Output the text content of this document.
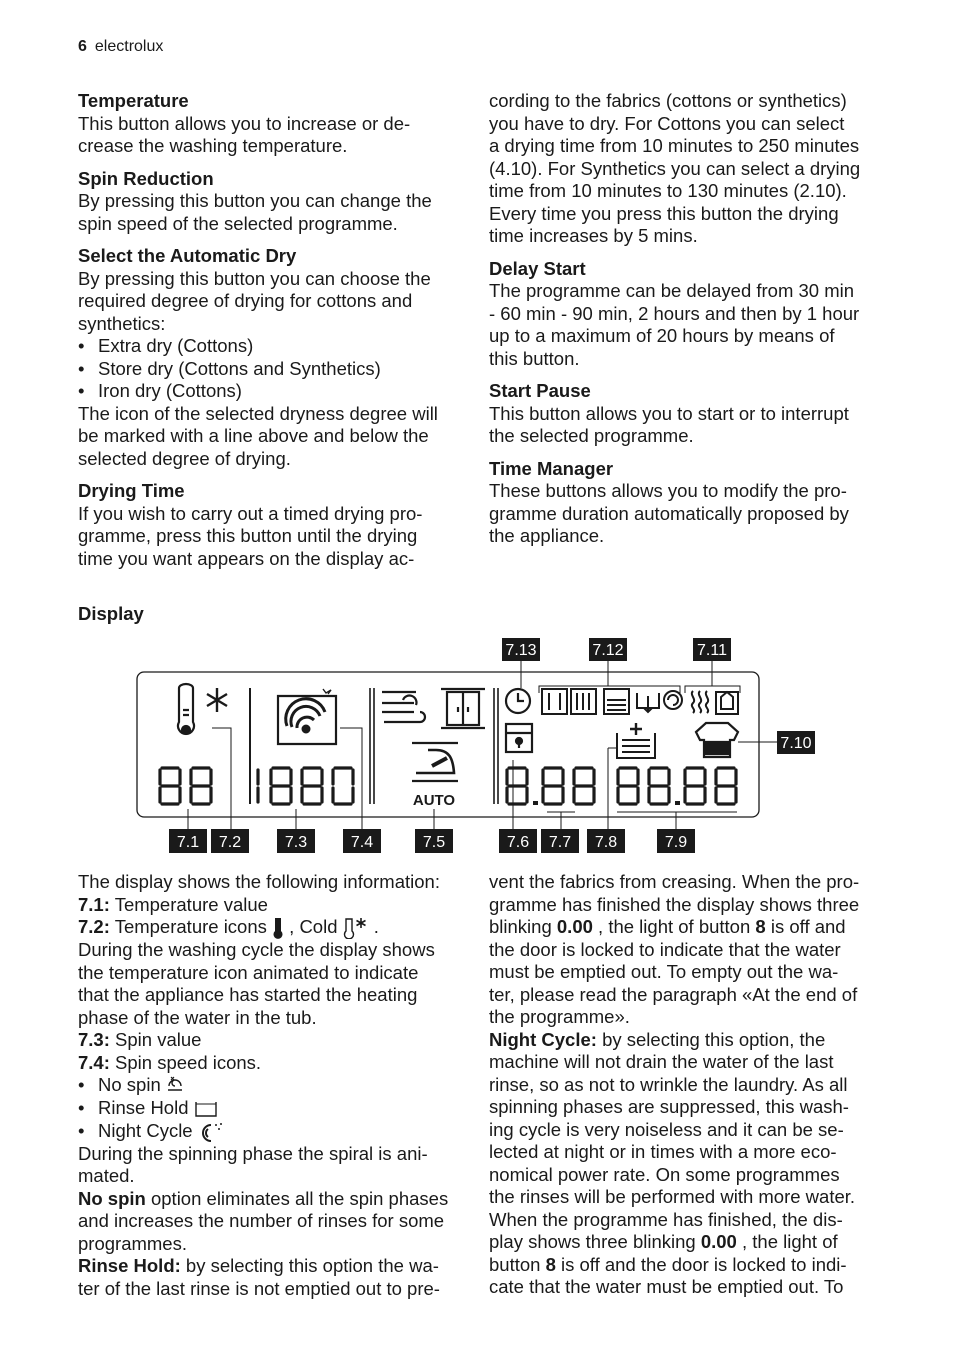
6 electrolux
Temperature

This button allows you to increase or de-

crease the washing temperature.

Spin Reduction

By pressing this button you can change the

spin speed of the selected programme.

Select the Automatic Dry

By pressing this button you can choose the

required degree of drying for cottons and

synthetics:

• Extra dry (Cottons)
• Store dry (Cottons and Synthetics)
• Iron dry (Cottons)

The icon of the selected dryness degree will

be marked with a line above and below the

selected degree of drying.

Drying Time

If you wish to carry out a timed drying pro-

gramme, press this button until the drying

time you want appears on the display ac-

cording to the fabrics (cottons or synthetics)

you have to dry. For Cottons you can select

a drying time from 10 minutes to 250 minutes

(4.10). For Synthetics you can select a drying

time from 10 minutes to 130 minutes (2.10).

Every time you press this button the drying

time increases by 5 mins.

Delay Start

The programme can be delayed from 30 min

- 60 min - 90 min, 2 hours and then by 1 hour

up to a maximum of 20 hours by means of

this button.

Start Pause

This button allows you to start or to interrupt

the selected programme.

Time Manager

These buttons allows you to modify the pro-

gramme duration automatically proposed by

the appliance.

Display
AUTO
7.13	7.12	7.11
7.10
7.1 7.2	7.3	7.4	7.5	7.6 7.7 7.8	7.9

The display shows the following information:

7.1: Temperature value

7.2: Temperature icons  , Cold  .

During the washing cycle the display shows

the temperature icon animated to indicate

that the appliance has started the heating

phase of the water in the tub.

7.3: Spin value

7.4: Spin speed icons.

• No spin
• Rinse Hold
• Night Cycle

During the spinning phase the spiral is ani-

mated.

No spin option eliminates all the spin phases

and increases the number of rinses for some

programmes.

Rinse Hold: by selecting this option the wa-

ter of the last rinse is not emptied out to pre-

vent the fabrics from creasing. When the pro-

gramme has finished the display shows three

blinking 0.00 , the light of button 8 is off and

the door is locked to indicate that the water

must be emptied out. To empty out the wa-

ter, please read the paragraph «At the end of

the programme».

Night Cycle: by selecting this option, the

machine will not drain the water of the last

rinse, so as not to wrinkle the laundry. As all

spinning phases are suppressed, this wash-

ing cycle is very noiseless and it can be se-

lected at night or in times with a more eco-

nomical power rate. On some programmes

the rinses will be performed with more water.

When the programme has finished, the dis-

play shows three blinking 0.00 , the light of

button 8 is off and the door is locked to indi-

cate that the water must be emptied out. To
